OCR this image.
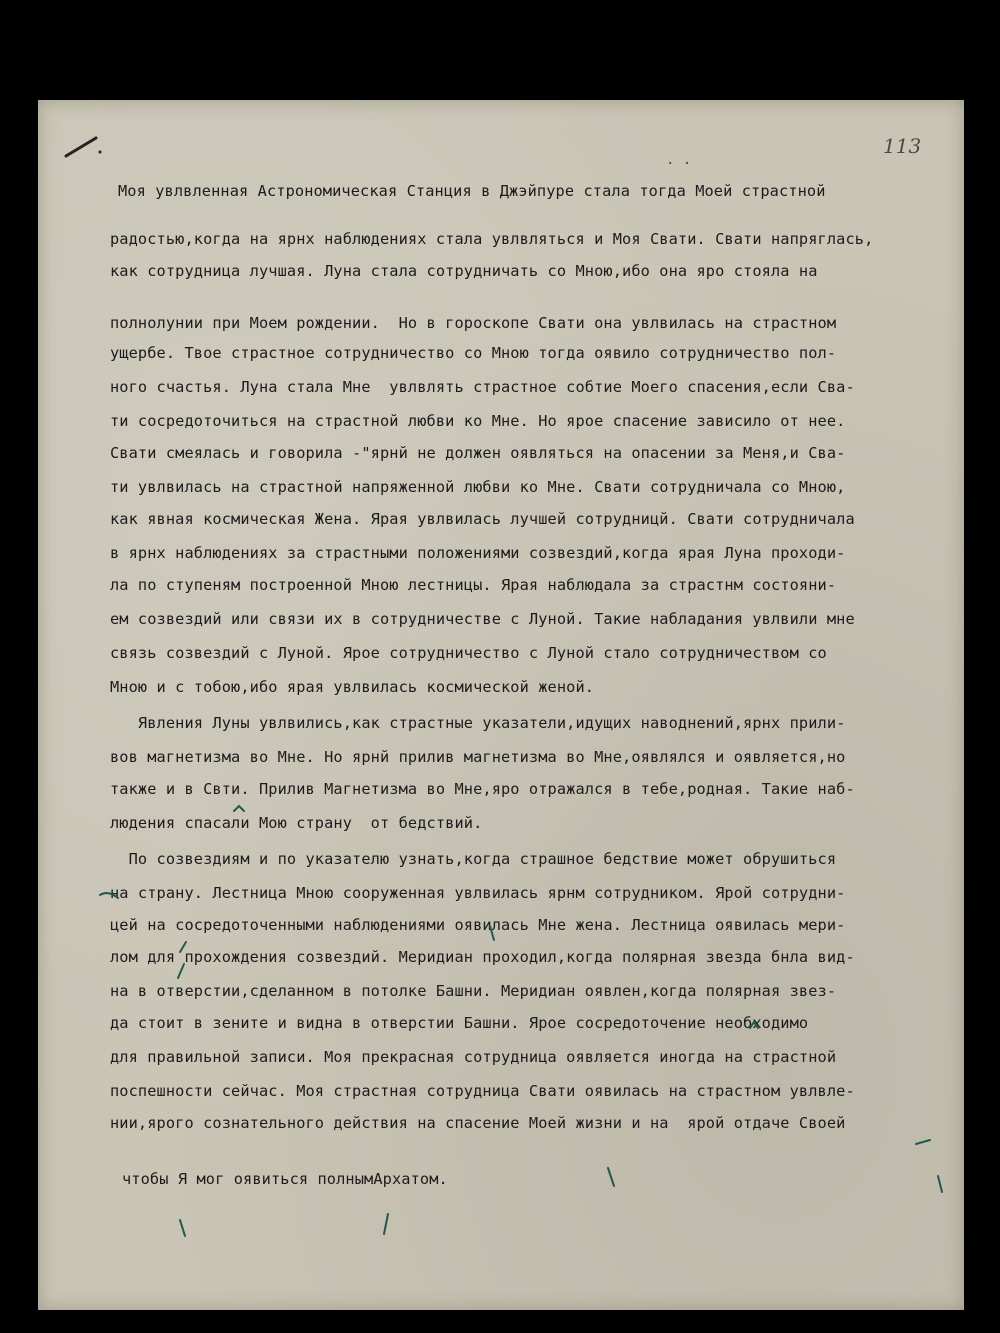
. .

113

Моя увлвленная Астрономическая Станция в Джэйпуре стала тогда Моей страстной

радостью,когда на ярнх наблюдениях стала увлвляться и Моя Свати. Свати напряглась,

как сотрудница лучшая. Луна стала сотрудничать со Мною,ибо она яро стояла на

полнолунии при Моем рождении.  Но в гороскопе Свати она увлвилась на страстном

ущербе. Твое страстное сотрудничество со Мною тогда оявило сотрудничество пол-

ного счастья. Луна стала Мне  увлвлять страстное собтие Моего спасения,если Сва-

ти сосредоточиться на страстной любви ко Мне. Но ярое спасение зависило от нее.

Свати смеялась и говорила -"ярнй не должен оявляться на опасении за Меня,и Сва-

ти увлвилась на страстной напряженной любви ко Мне. Свати сотрудничала со Мною,

как явная космическая Жена. Ярая увлвилась лучшей сотрудницй. Свати сотрудничала

в ярнх наблюдениях за страстными положениями созвездий,когда ярая Луна проходи-

ла по ступеням построенной Мною лестницы. Ярая наблюдала за страстнм состояни-

ем созвездий или связи их в сотрудничестве с Луной. Такие набладания увлвили мне

связь созвездий с Луной. Ярое сотрудничество с Луной стало сотрудничеством со

Мною и с тобою,ибо ярая увлвилась космической женой.

Явления Луны увлвились,как страстные указатели,идущих наводнений,ярнх прили-

вов магнетизма во Мне. Но ярнй прилив магнетизма во Мне,оявлялся и оявляется,но

также и в Свти. Прилив Магнетизма во Мне,яро отражался в тебе,родная. Такие наб-

людения спасали Мою страну  от бедствий.

По созвездиям и по указателю узнать,когда страшное бедствие может обрушиться

на страну. Лестница Мною сооруженная увлвилась ярнм сотрудником. Ярой сотрудни-

цей на сосредоточенными наблюдениями оявилась Мне жена. Лестница оявилась мери-

лом для прохождения созвездий. Меридиан проходил,когда полярная звезда бнла вид-

на в отверстии,сделанном в потолке Башни. Меридиан оявлен,когда полярная звез-

да стоит в зените и видна в отверстии Башни. Ярое сосредоточение необходимо

для правильной записи. Моя прекрасная сотрудница оявляется иногда на страстной

поспешности сейчас. Моя страстная сотрудница Свати оявилась на страстном увлвле-

нии,ярого сознательного действия на спасение Моей жизни и на  ярой отдаче Своей

чтобы Я мог оявиться полнымАрхатом.
